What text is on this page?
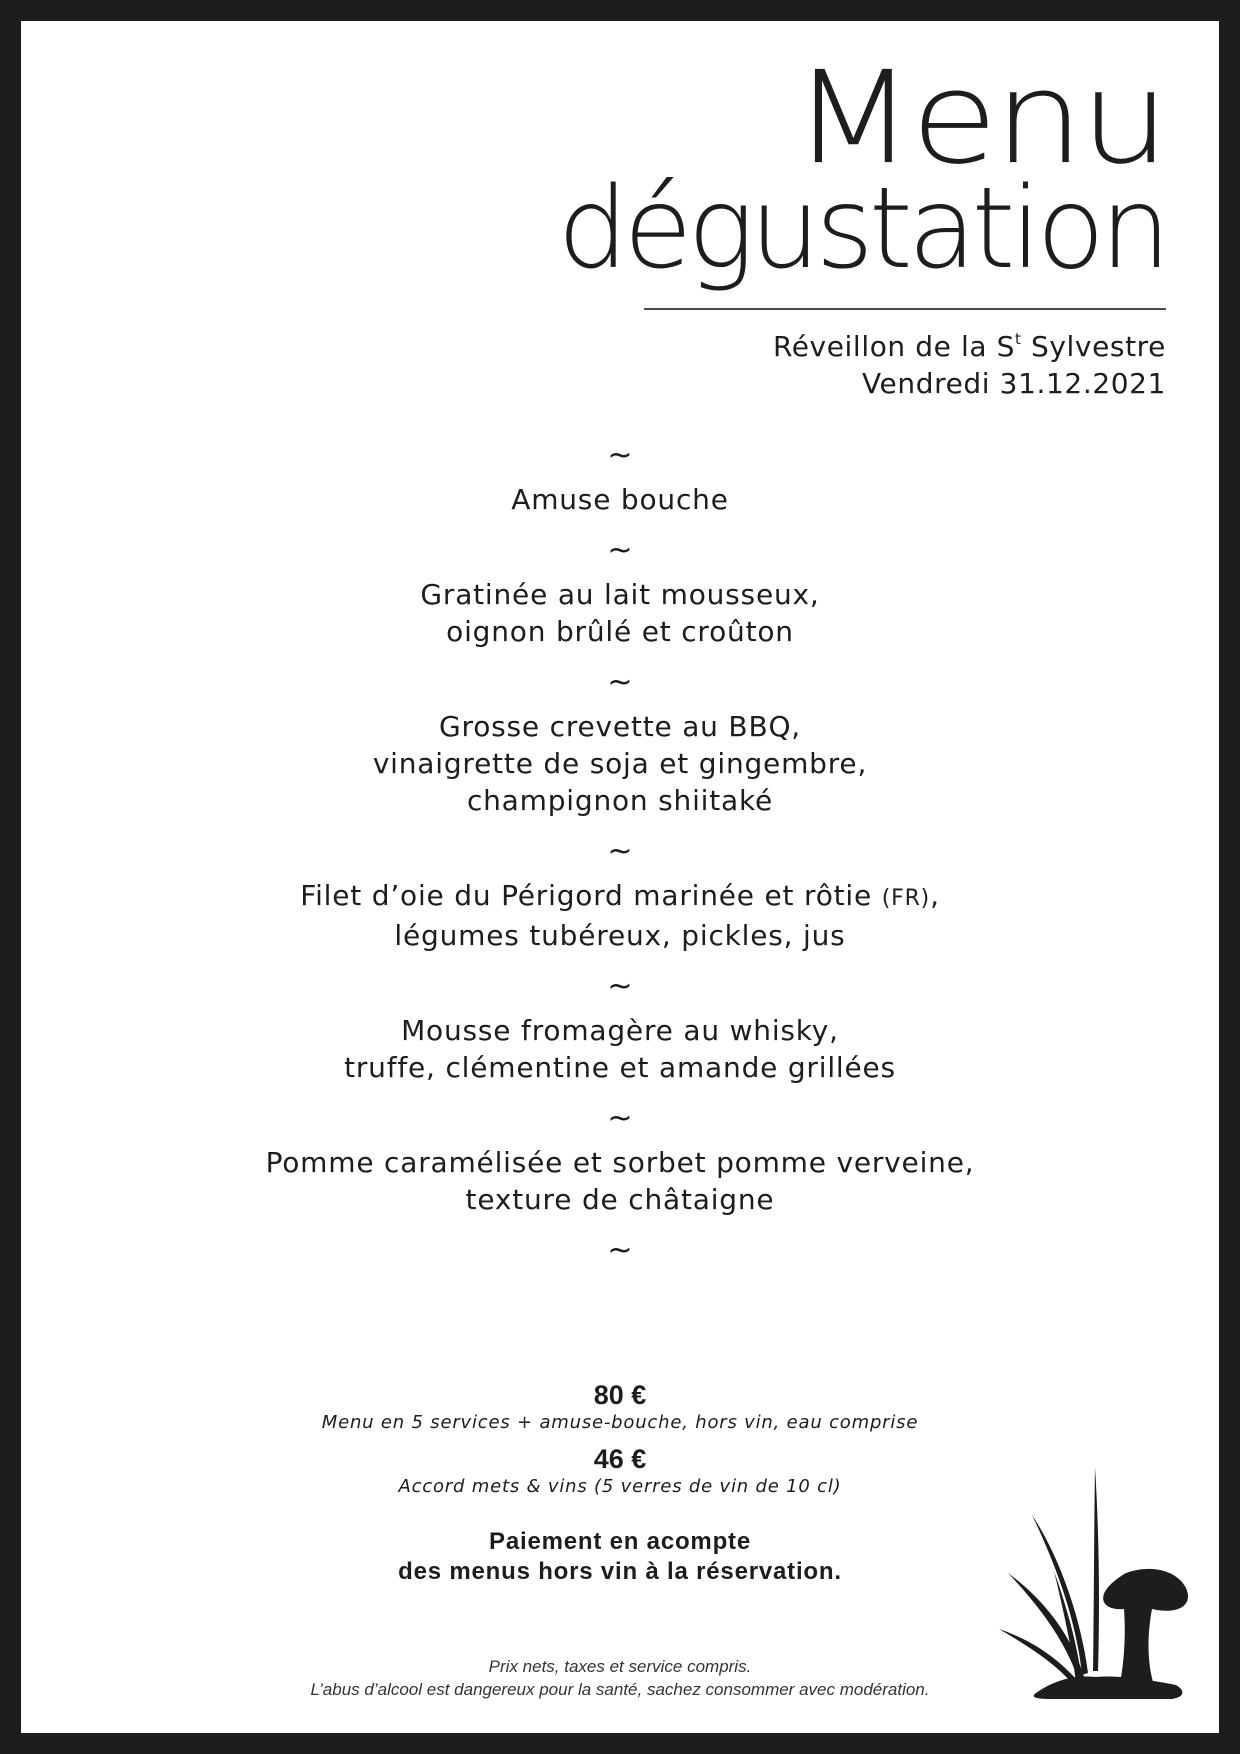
Menu
dégustation
Réveillon de la $S^t$ Sylvestre
Vendredi 31.12.2021
~
Amuse bouche
~
Gratinée au lait mousseux,
oignon brûlé et croûton
~
Grosse crevette au BBQ,
vinaigrette de soja et gingembre,
champignon shiitaké
~
Filet d’oie du Périgord marinée et rôtie (FR),
légumes tubéreux, pickles, jus
~
Mousse fromagère au whisky,
truffe, clémentine et amande grillées
~
Pomme caramélisée et sorbet pomme verveine,
texture de châtaigne
~
80 €
Menu en 5 services + amuse-bouche, hors vin, eau comprise
46 €
Accord mets & vins (5 verres de vin de 10 cl)
Paiement en acompte
des menus hors vin à la réservation.
Prix nets, taxes et service compris.
L’abus d’alcool est dangereux pour la santé, sachez consommer avec modération.
